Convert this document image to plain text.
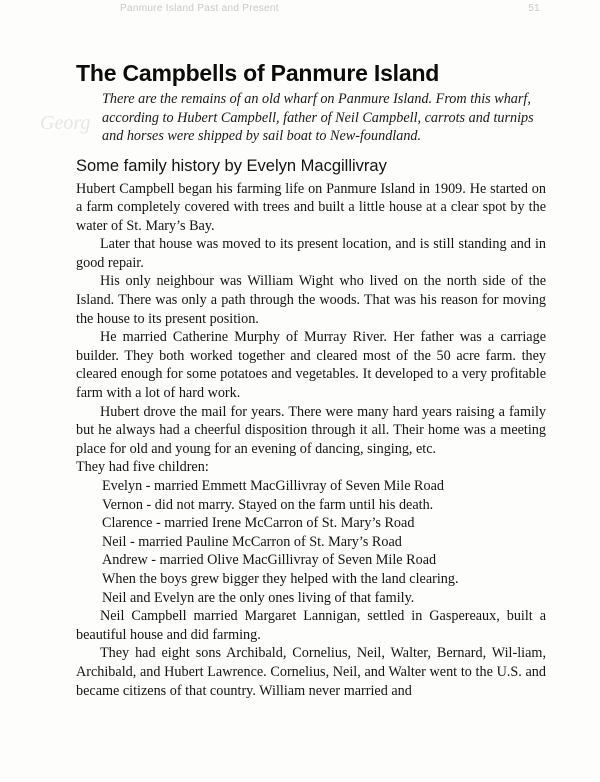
Panmure Island Past and Present	51
Georg
The Campbells of Panmure Island

There are the remains of an old wharf on Panmure Island. From this wharf, according to Hubert Campbell, father of Neil Campbell, carrots and turnips and horses were shipped by sail boat to New-foundland.

Some family history by Evelyn Macgillivray

Hubert Campbell began his farming life on Panmure Island in 1909. He started on a farm completely covered with trees and built a little house at a clear spot by the water of St. Mary’s Bay.

Later that house was moved to its present location, and is still standing and in good repair.

His only neighbour was William Wight who lived on the north side of the Island. There was only a path through the woods. That was his reason for moving the house to its present position.

He married Catherine Murphy of Murray River. Her father was a carriage builder. They both worked together and cleared most of the 50 acre farm. they cleared enough for some potatoes and vegetables. It developed to a very profitable farm with a lot of hard work.

Hubert drove the mail for years. There were many hard years raising a family but he always had a cheerful disposition through it all. Their home was a meeting place for old and young for an evening of dancing, singing, etc.

They had five children:

Evelyn - married Emmett MacGillivray of Seven Mile Road

Vernon - did not marry. Stayed on the farm until his death.

Clarence - married Irene McCarron of St. Mary’s Road

Neil - married Pauline McCarron of St. Mary’s Road

Andrew - married Olive MacGillivray of Seven Mile Road

When the boys grew bigger they helped with the land clearing.

Neil and Evelyn are the only ones living of that family.

Neil Campbell married Margaret Lannigan, settled in Gaspereaux, built a beautiful house and did farming.

They had eight sons Archibald, Cornelius, Neil, Walter, Bernard, Wil-liam, Archibald, and Hubert Lawrence. Cornelius, Neil, and Walter went to the U.S. and became citizens of that country. William never married and
